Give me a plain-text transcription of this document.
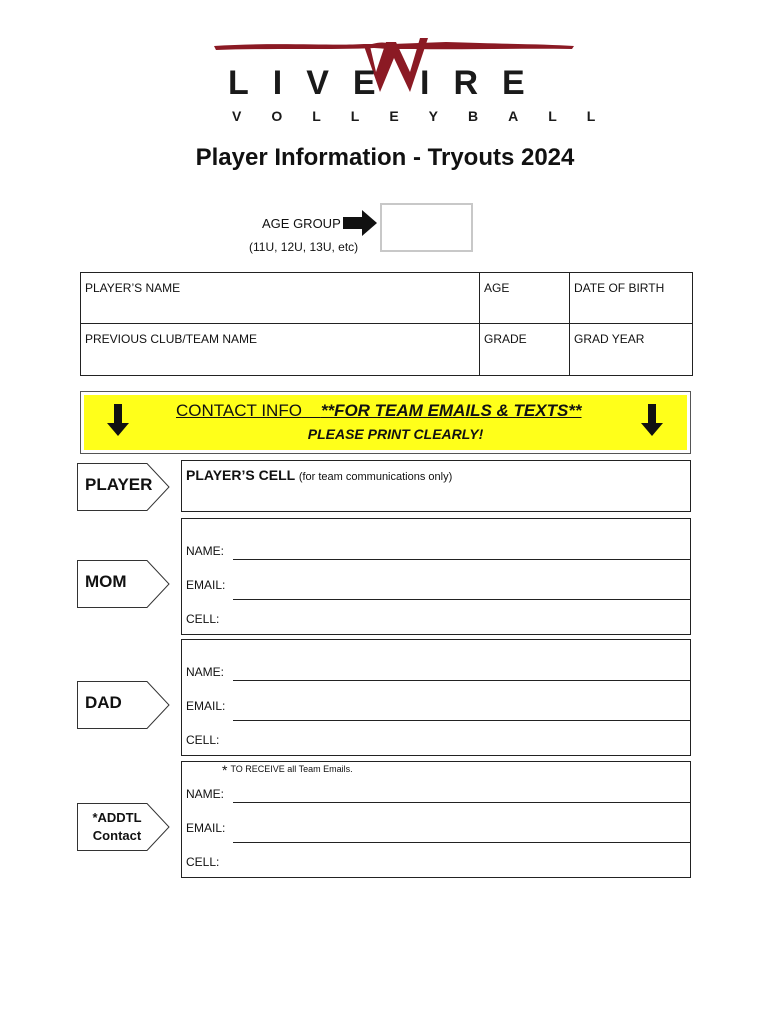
LIVE IRE
VOLLEYBALL
Player Information - Tryouts 2024
AGE GROUP
(11U, 12U, 13U, etc)
PLAYER’S NAME	AGE	DATE OF BIRTH
PREVIOUS CLUB/TEAM NAME	GRADE	GRAD YEAR
CONTACT INFO **FOR TEAM EMAILS & TEXTS**
PLEASE PRINT CLEARLY!
PLAYER PLAYER’S CELL (for team communications only)
MOM
NAME:
EMAIL:
CELL:
DAD
NAME:
EMAIL:
CELL:
*ADDTL
Contact
* TO RECEIVE all Team Emails.
NAME:
EMAIL:
CELL:
